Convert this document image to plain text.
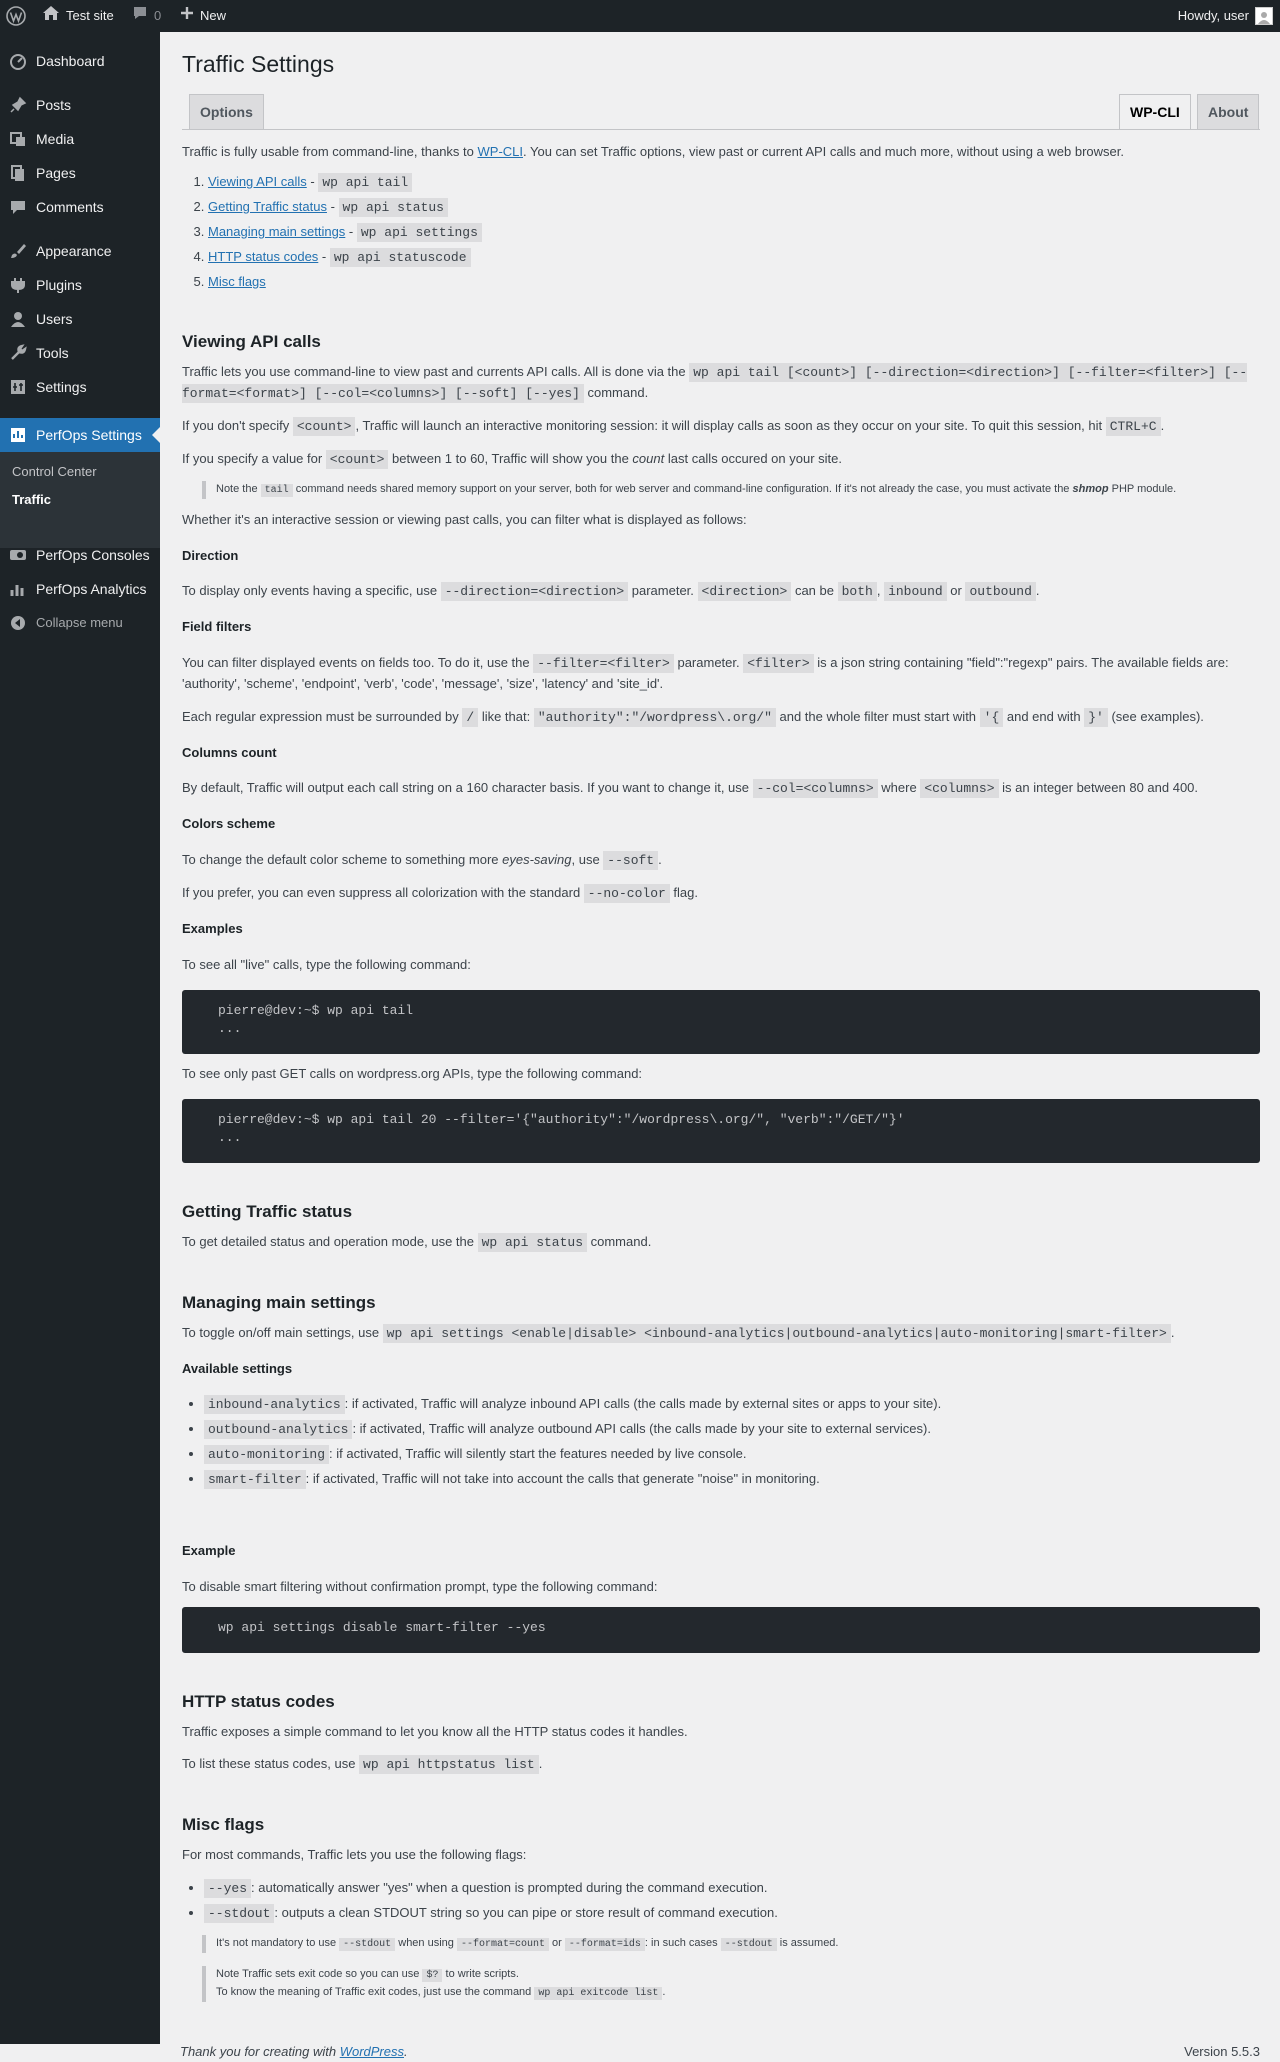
Test site	0	New	Howdy, user
Dashboard
Posts
Media
Pages
Comments
Appearance
Plugins
Users
Tools
Settings
PerfOps Settings
Control Center
Traffic
PerfOps Consoles
PerfOps Analytics
Collapse menu
Traffic Settings
Options	WP-CLI	About

Traffic is fully usable from command-line, thanks to WP-CLI. You can set Traffic options, view past or current API calls and much more, without using a web browser.

1. Viewing API calls - wp api tail
2. Getting Traffic status - wp api status
3. Managing main settings - wp api settings
4. HTTP status codes - wp api statuscode
5. Misc flags
Viewing API calls

Traffic lets you use command-line to view past and currents API calls. All is done via the wp api tail [<count>] [--direction=<direction>] [--filter=<filter>] [--format=<format>] [--col=<columns>] [--soft] [--yes] command.

If you don't specify <count> , Traffic will launch an interactive monitoring session: it will display calls as soon as they occur on your site. To quit this session, hit CTRL+C .

If you specify a value for <count> between 1 to 60, Traffic will show you the count last calls occured on your site.

Note the tail command needs shared memory support on your server, both for web server and command-line configuration. If it's not already the case, you must activate the shmop PHP module.

Whether it's an interactive session or viewing past calls, you can filter what is displayed as follows:

Direction

To display only events having a specific, use --direction=<direction> parameter. <direction> can be both , inbound or outbound .

Field filters

You can filter displayed events on fields too. To do it, use the --filter=<filter> parameter. <filter> is a json string containing "field":"regexp" pairs. The available fields are: 'authority', 'scheme', 'endpoint', 'verb', 'code', 'message', 'size', 'latency' and 'site_id'.

Each regular expression must be surrounded by / like that: "authority":"/wordpress\.org/" and the whole filter must start with '{ and end with }' (see examples).

Columns count

By default, Traffic will output each call string on a 160 character basis. If you want to change it, use --col=<columns> where <columns> is an integer between 80 and 400.

Colors scheme

To change the default color scheme to something more eyes-saving, use --soft .

If you prefer, you can even suppress all colorization with the standard --no-color flag.

Examples

To see all "live" calls, type the following command:

pierre@dev:~$ wp api tail
...

To see only past GET calls on wordpress.org APIs, type the following command:

pierre@dev:~$ wp api tail 20 --filter='{"authority":"/wordpress\.org/", "verb":"/GET/"}'
...
Getting Traffic status

To get detailed status and operation mode, use the wp api status command.

Managing main settings

To toggle on/off main settings, use wp api settings <enable|disable> <inbound-analytics|outbound-analytics|auto-monitoring|smart-filter> .

Available settings
• inbound-analytics : if activated, Traffic will analyze inbound API calls (the calls made by external sites or apps to your site).
• outbound-analytics : if activated, Traffic will analyze outbound API calls (the calls made by your site to external services).
• auto-monitoring : if activated, Traffic will silently start the features needed by live console.
• smart-filter : if activated, Traffic will not take into account the calls that generate "noise" in monitoring.
Example

To disable smart filtering without confirmation prompt, type the following command:

wp api settings disable smart-filter --yes
HTTP status codes

Traffic exposes a simple command to let you know all the HTTP status codes it handles.

To list these status codes, use wp api httpstatus list .

Misc flags

For most commands, Traffic lets you use the following flags:

• --yes : automatically answer "yes" when a question is prompted during the command execution.
• --stdout : outputs a clean STDOUT string so you can pipe or store result of command execution.
It's not mandatory to use --stdout when using --format=count or --format=ids : in such cases --stdout is assumed.
Note Traffic sets exit code so you can use $? to write scripts.
To know the meaning of Traffic exit codes, just use the command wp api exitcode list .
Thank you for creating with WordPress.	Version 5.5.3
